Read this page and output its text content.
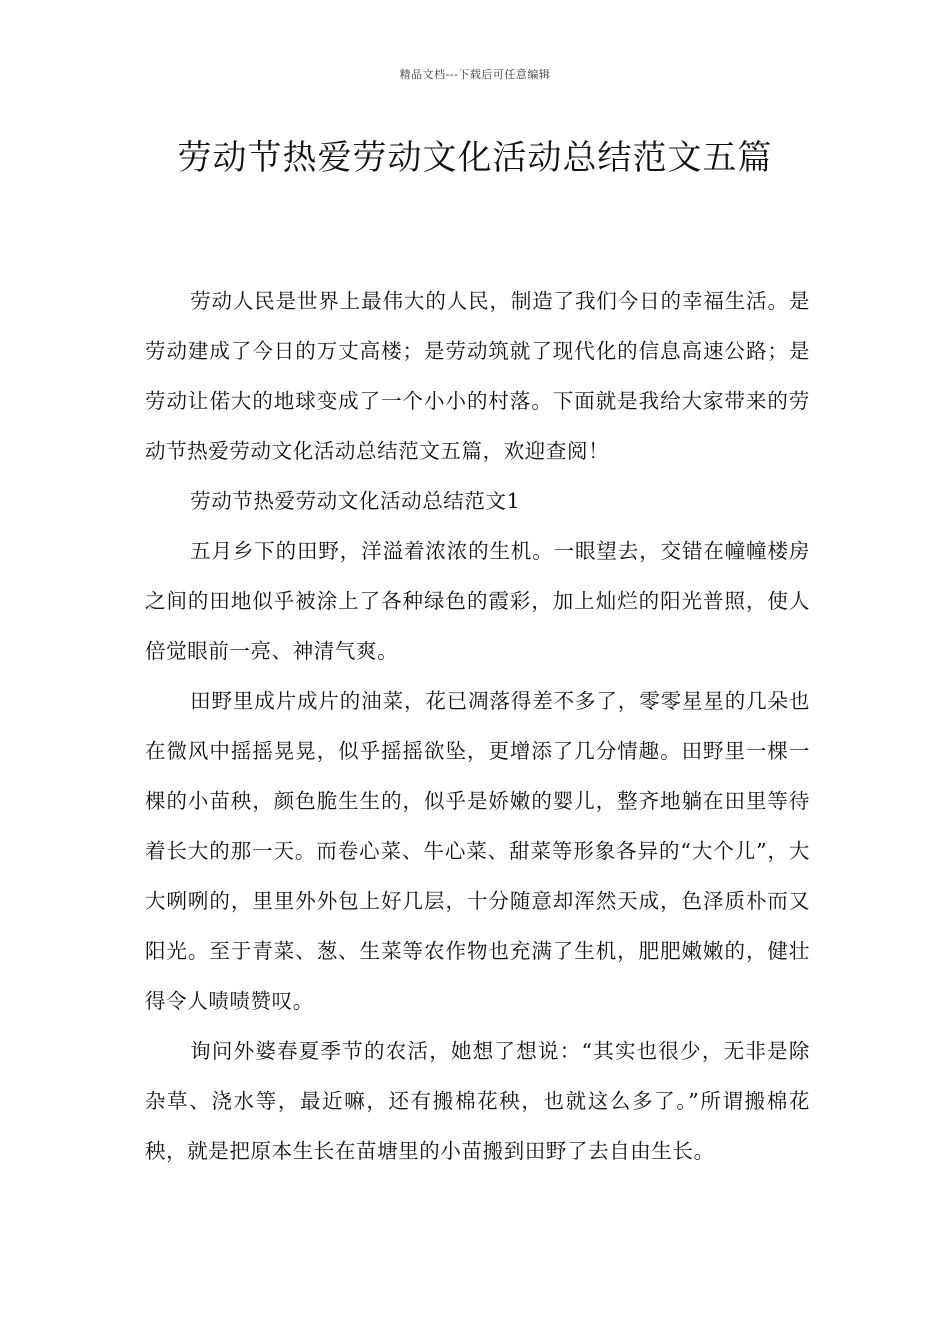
精品文档---下载后可任意编辑
劳动节热爱劳动文化活动总结范文五篇

劳动人民是世界上最伟大的人民，制造了我们今日的幸福生活。是劳动建成了今日的万丈高楼；是劳动筑就了现代化的信息高速公路；是劳动让偌大的地球变成了一个小小的村落。下面就是我给大家带来的劳动节热爱劳动文化活动总结范文五篇，欢迎查阅！

劳动节热爱劳动文化活动总结范文1

五月乡下的田野，洋溢着浓浓的生机。一眼望去，交错在幢幢楼房之间的田地似乎被涂上了各种绿色的霞彩，加上灿烂的阳光普照，使人倍觉眼前一亮、神清气爽。

田野里成片成片的油菜，花已凋落得差不多了，零零星星的几朵也在微风中摇摇晃晃，似乎摇摇欲坠，更增添了几分情趣。田野里一棵一棵的小苗秧，颜色脆生生的，似乎是娇嫩的婴儿，整齐地躺在田里等待着长大的那一天。而卷心菜、牛心菜、甜菜等形象各异的“大个儿”，大大咧咧的，里里外外包上好几层，十分随意却浑然天成，色泽质朴而又阳光。至于青菜、葱、生菜等农作物也充满了生机，肥肥嫩嫩的，健壮得令人啧啧赞叹。

询问外婆春夏季节的农活，她想了想说：“其实也很少，无非是除杂草、浇水等，最近嘛，还有搬棉花秧，也就这么多了。”所谓搬棉花秧，就是把原本生长在苗塘里的小苗搬到田野了去自由生长。
